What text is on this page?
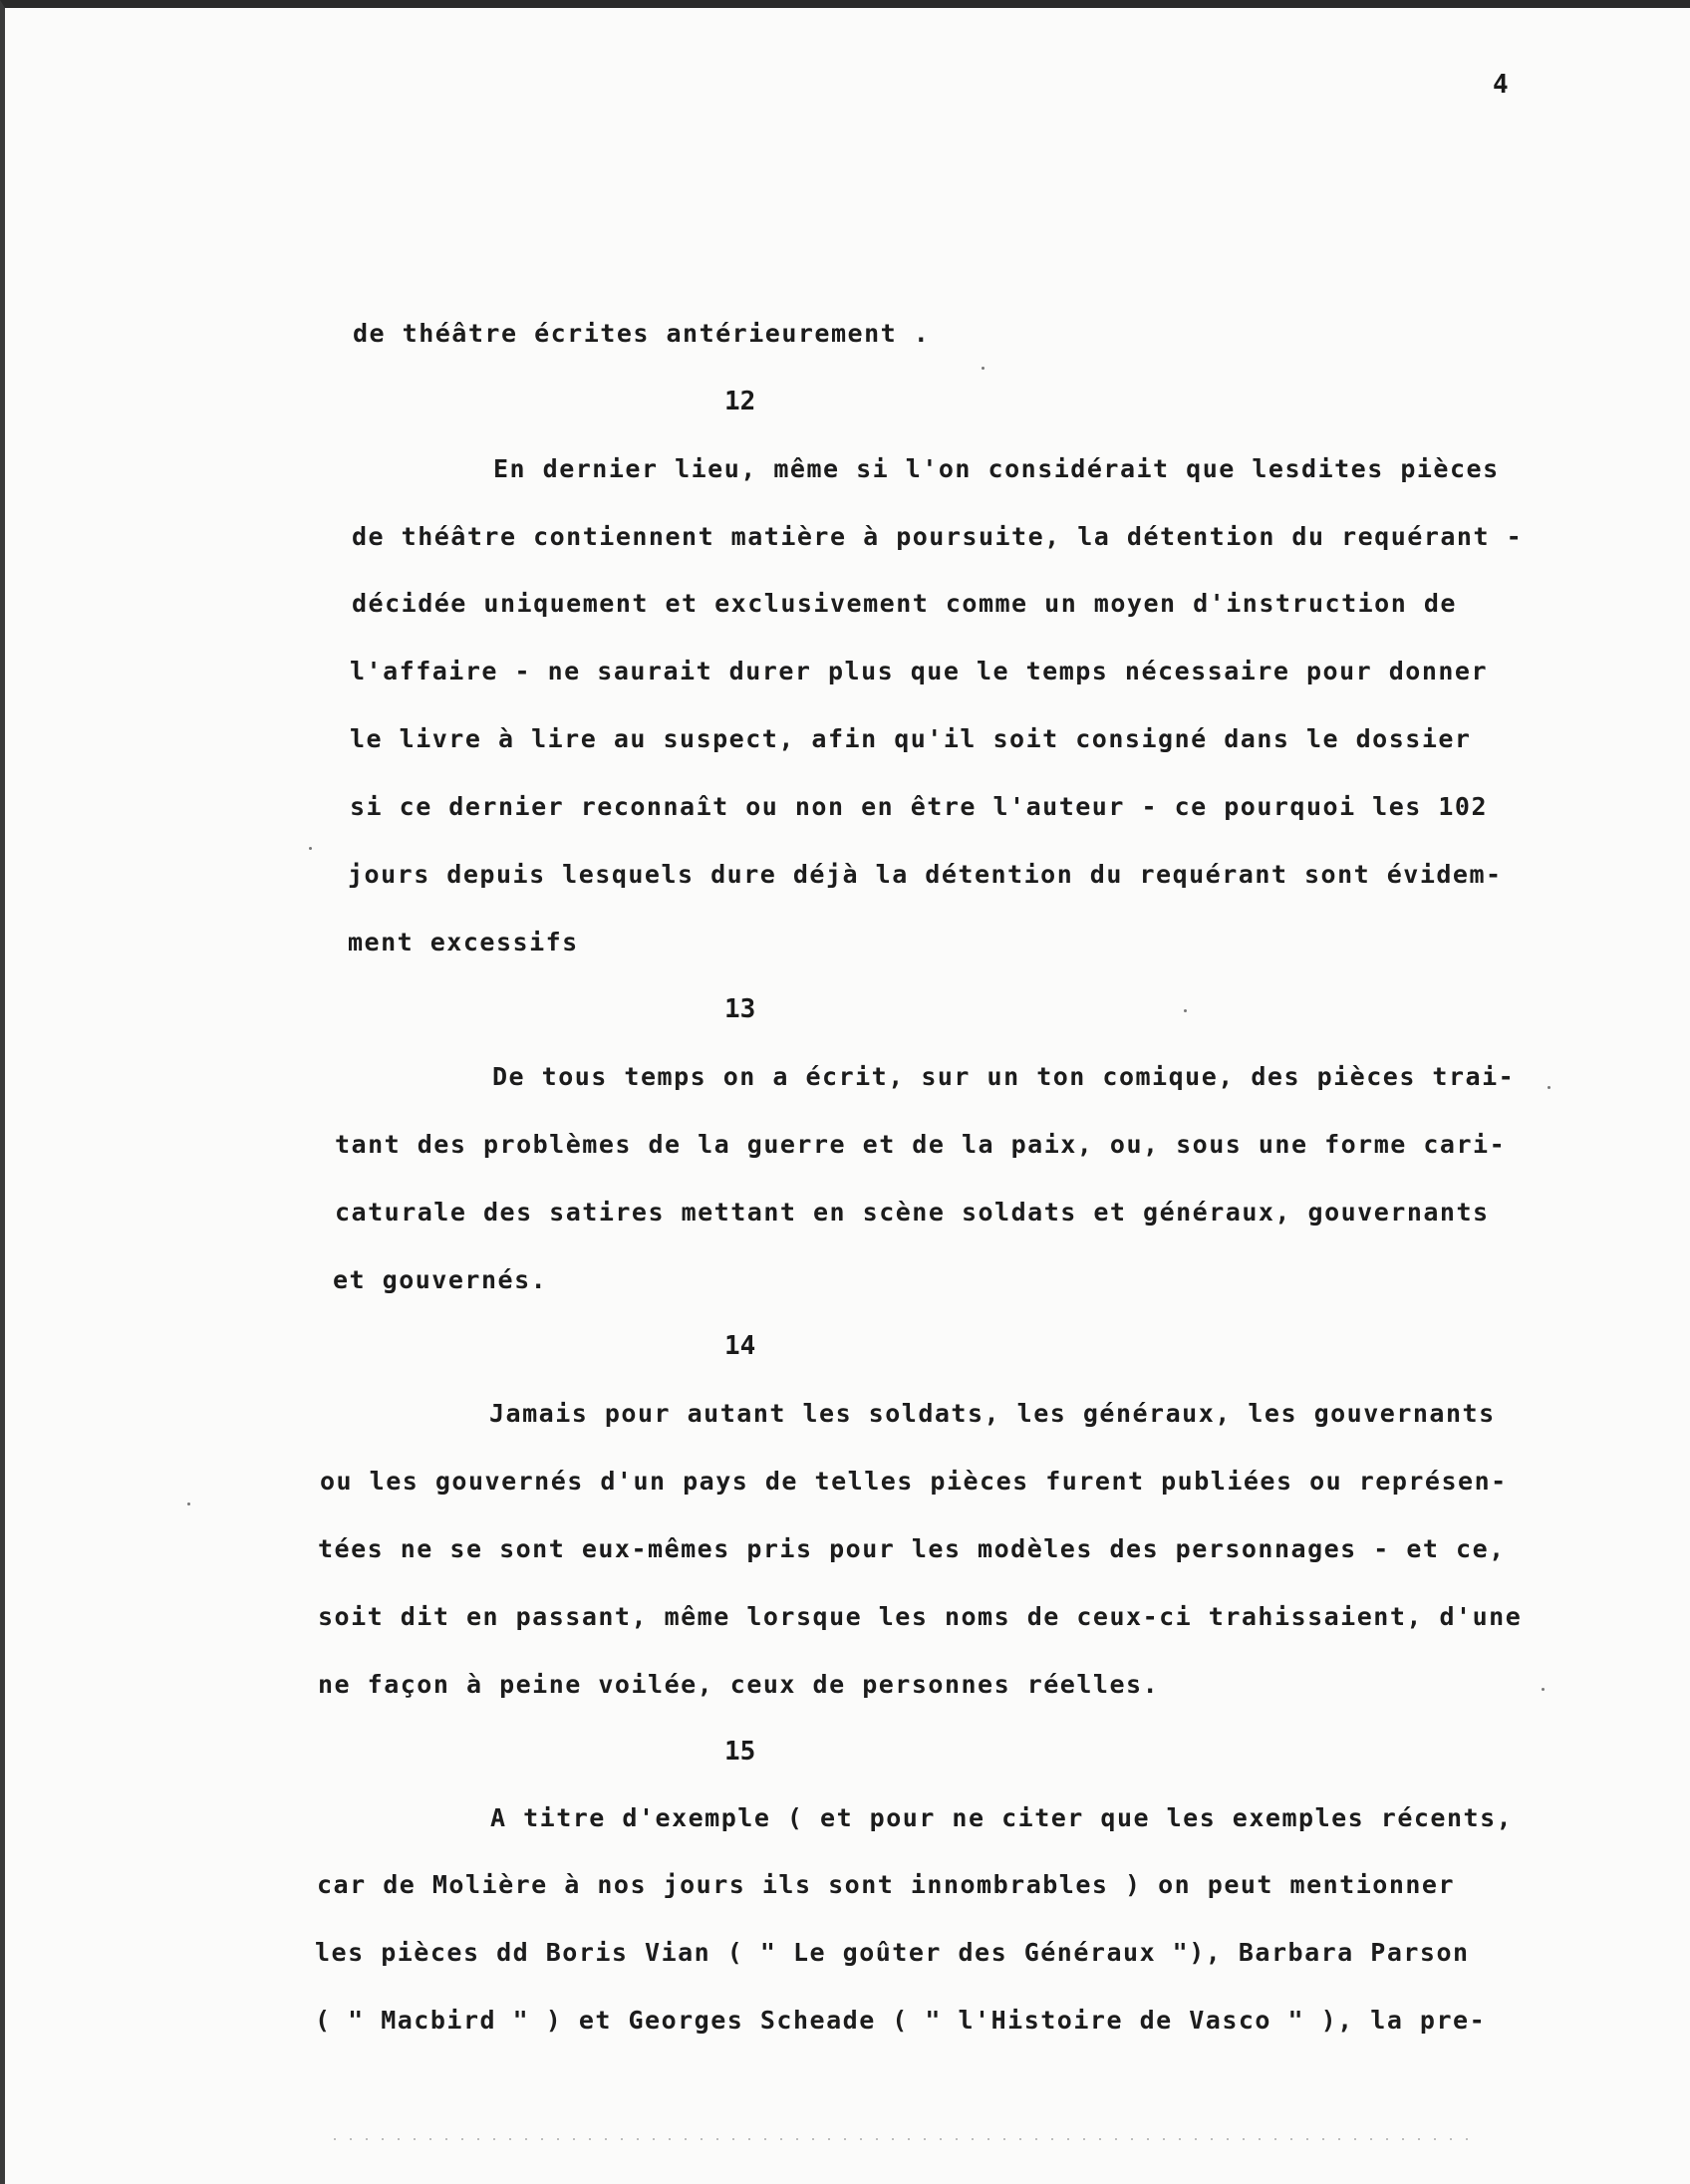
4
de théâtre écrites antérieurement .
12
En dernier lieu, même si l'on considérait que lesdites pièces
de théâtre contiennent matière à poursuite, la détention du requérant -
décidée uniquement et exclusivement comme un moyen d'instruction de
l'affaire - ne saurait durer plus que le temps nécessaire pour donner
le livre à lire au suspect, afin qu'il soit consigné dans le dossier
si ce dernier reconnaît ou non en être l'auteur - ce pourquoi les 102
jours depuis lesquels dure déjà la détention du requérant sont évidem-
ment excessifs
13
De tous temps on a écrit, sur un ton comique, des pièces trai-
tant des problèmes de la guerre et de la paix, ou, sous une forme cari-
caturale des satires mettant en scène soldats et généraux, gouvernants
et gouvernés.
14
Jamais pour autant les soldats, les généraux, les gouvernants
ou les gouvernés d'un pays de telles pièces furent publiées ou représen-
tées ne se sont eux-mêmes pris pour les modèles des personnages - et ce,
soit dit en passant, même lorsque les noms de ceux-ci trahissaient, d'une
ne façon à peine voilée, ceux de personnes réelles.
15
A titre d'exemple ( et pour ne citer que les exemples récents,
car de Molière à nos jours ils sont innombrables ) on peut mentionner
les pièces dd Boris Vian ( " Le goûter des Généraux "), Barbara Parson
( " Macbird " ) et Georges Scheade ( " l'Histoire de Vasco " ), la pre-
